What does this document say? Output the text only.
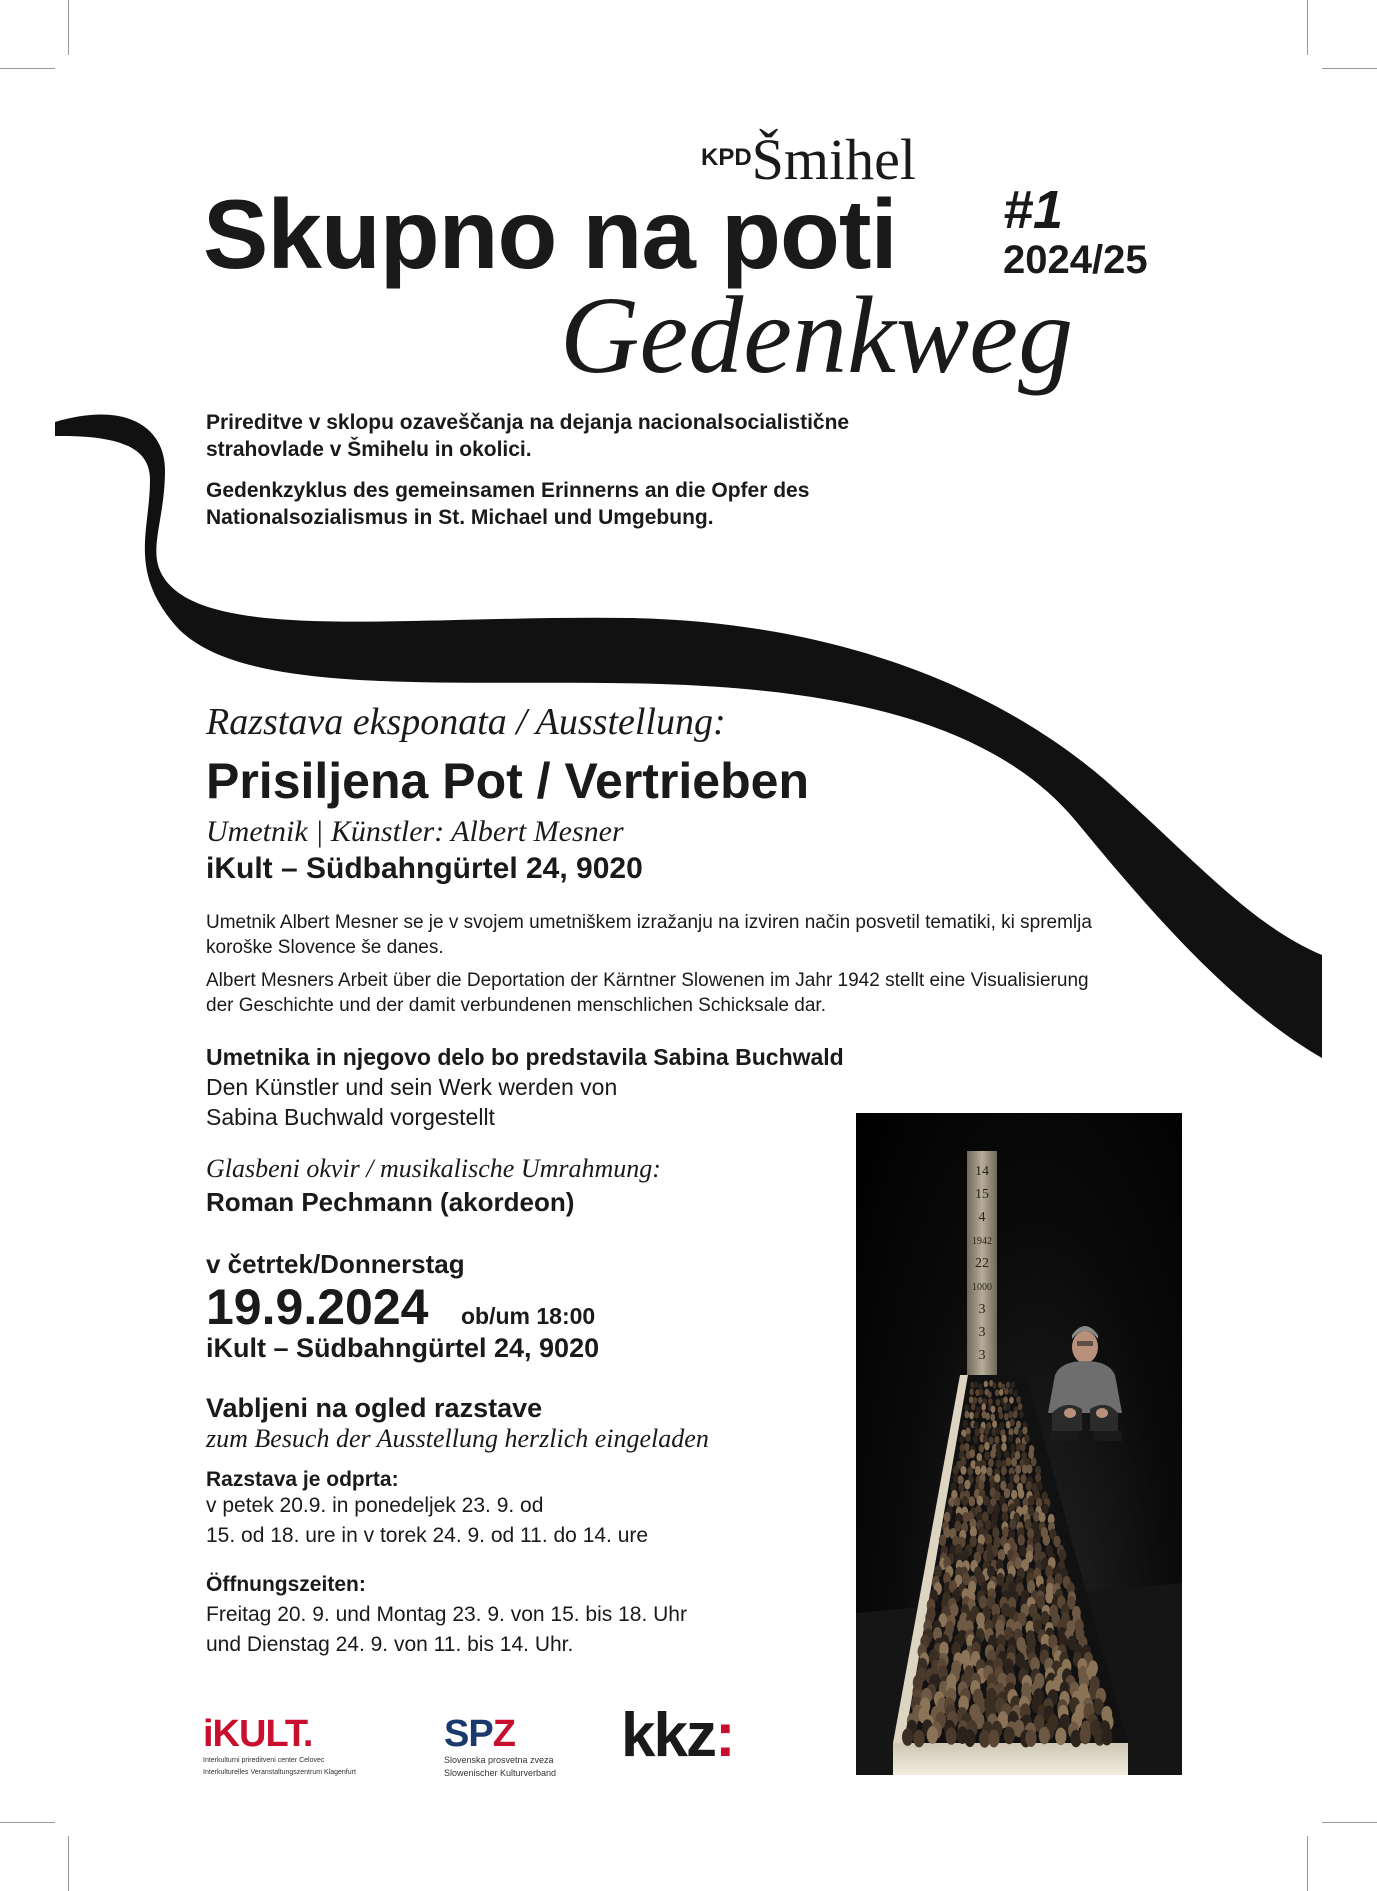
KPDŠmihel
Skupno na poti #1
2024/25
Gedenkweg
Prireditve v sklopu ozaveščanja na dejanja nacionalsocialistične strahovlade v Šmihelu in okolici.
Gedenkzyklus des gemeinsamen Erinnerns an die Opfer des Nationalsozialismus in St. Michael und Umgebung.
Razstava eksponata / Ausstellung:
Prisiljena Pot / Vertrieben
Umetnik | Künstler: Albert Mesner
iKult – Südbahngürtel 24, 9020
Umetnik Albert Mesner se je v svojem umetniškem izražanju na izviren način posvetil tematiki, ki spremlja koroške Slovence še danes.
Albert Mesners Arbeit über die Deportation der Kärntner Slowenen im Jahr 1942 stellt eine Visualisierung der Geschichte und der damit verbundenen menschlichen Schicksale dar.
Umetnika in njegovo delo bo predstavila Sabina Buchwald
Den Künstler und sein Werk werden von
Sabina Buchwald vorgestellt
Glasbeni okvir / musikalische Umrahmung:
Roman Pechmann (akordeon)
v četrtek/Donnerstag
19.9.2024 ob/um 18:00
iKult – Südbahngürtel 24, 9020
Vabljeni na ogled razstave
zum Besuch der Ausstellung herzlich eingeladen
Razstava je odprta:
v petek 20.9. in ponedeljek 23. 9. od
15. od 18. ure in v torek 24. 9. od 11. do 14. ure
Öffnungszeiten:
Freitag 20. 9. und Montag 23. 9. von 15. bis 18. Uhr
und Dienstag 24. 9. von 11. bis 14. Uhr.
14
15
4
1942
22
1000
3
3
3
iKULT.
Interkulturni prireditveni center Celovec
Interkulturelles Veranstaltungszentrum Klagenfurt
SPZ
Slovenska prosvetna zveza
Slowenischer Kulturverband
kkz:
